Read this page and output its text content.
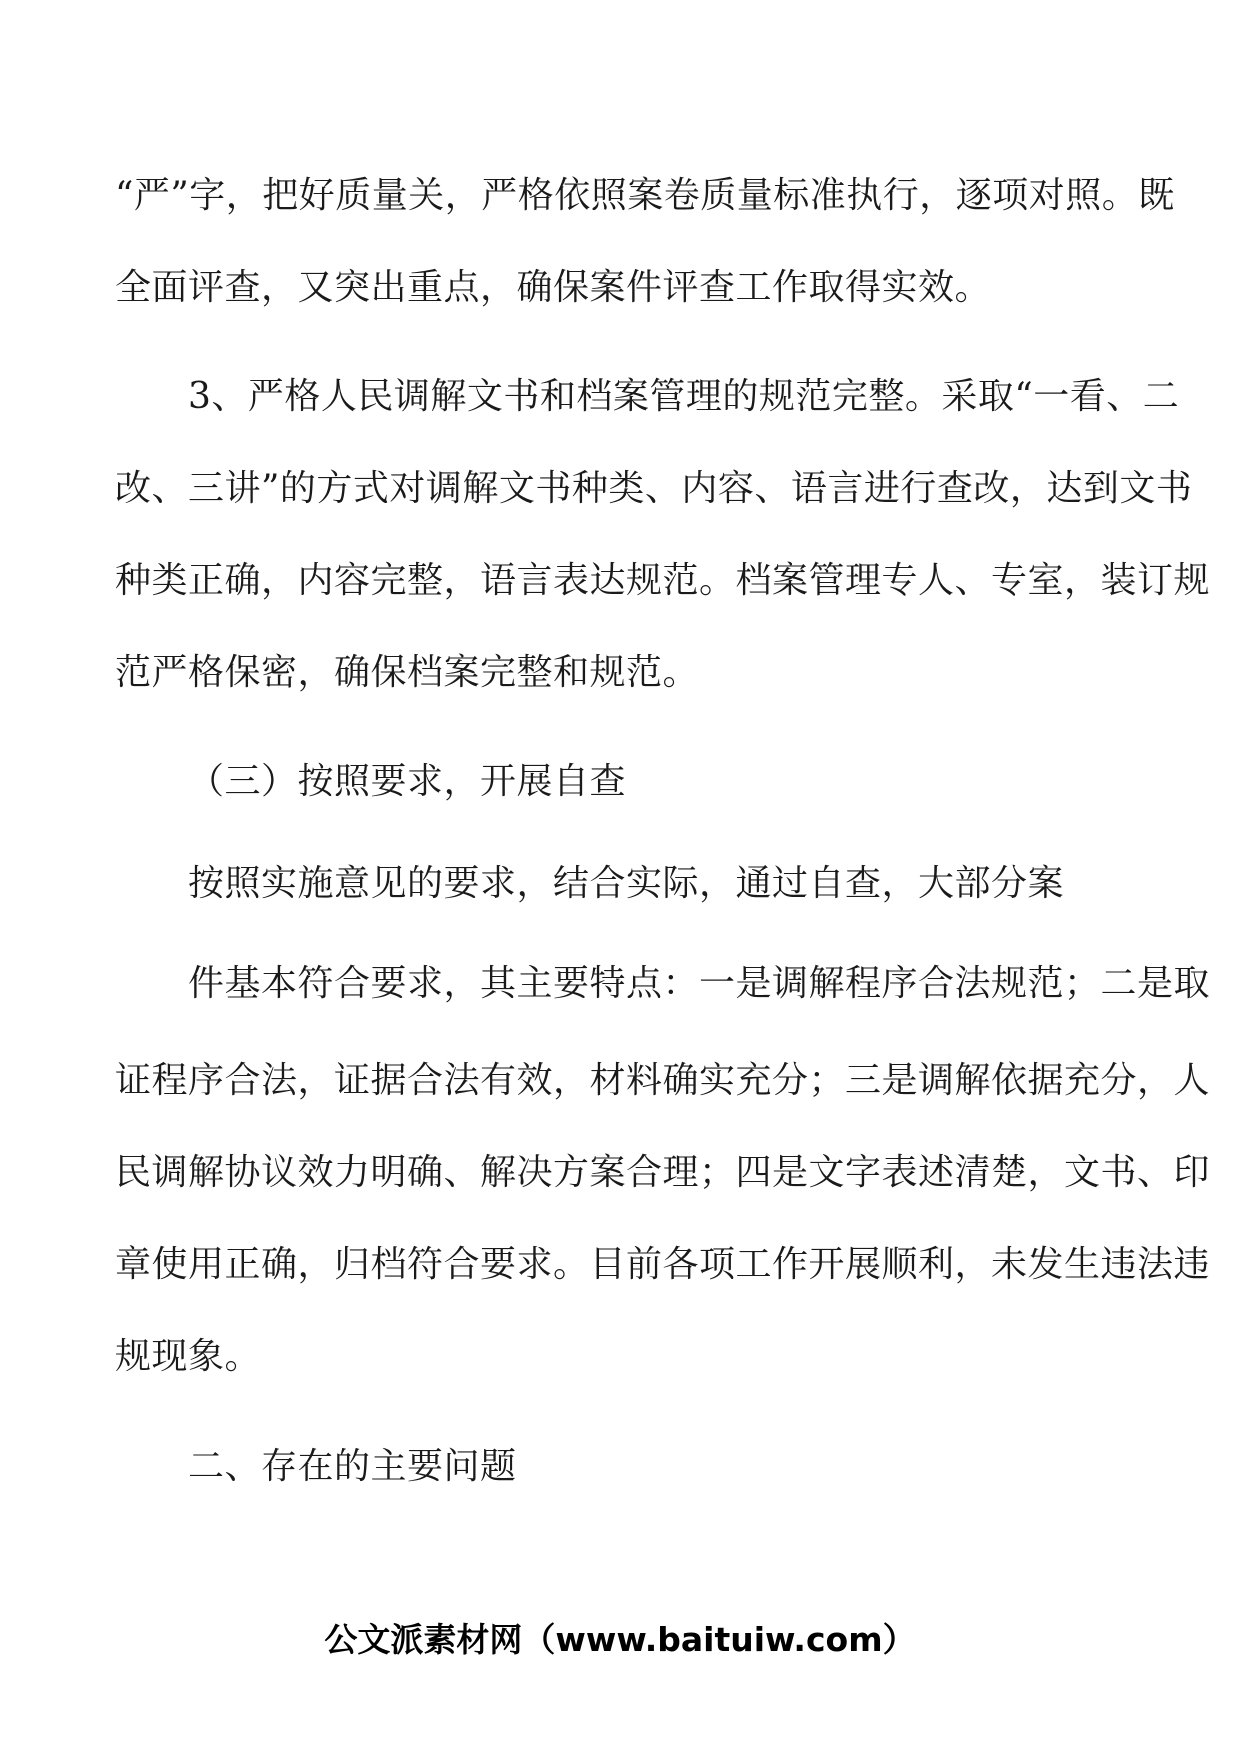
“严”字，把好质量关，严格依照案卷质量标准执行，逐项对照。既
全面评查，又突出重点，确保案件评查工作取得实效。
3、严格人民调解文书和档案管理的规范完整。采取“一看、二
改、三讲”的方式对调解文书种类、内容、语言进行查改，达到文书
种类正确，内容完整，语言表达规范。档案管理专人、专室，装订规
范严格保密，确保档案完整和规范。
（三）按照要求，开展自查
按照实施意见的要求，结合实际，通过自查，大部分案
件基本符合要求，其主要特点：一是调解程序合法规范；二是取
证程序合法，证据合法有效，材料确实充分；三是调解依据充分，人
民调解协议效力明确、解决方案合理；四是文字表述清楚，文书、印
章使用正确，归档符合要求。目前各项工作开展顺利，未发生违法违
规现象。
二、存在的主要问题
公文派素材网（www.baituiw.com）
